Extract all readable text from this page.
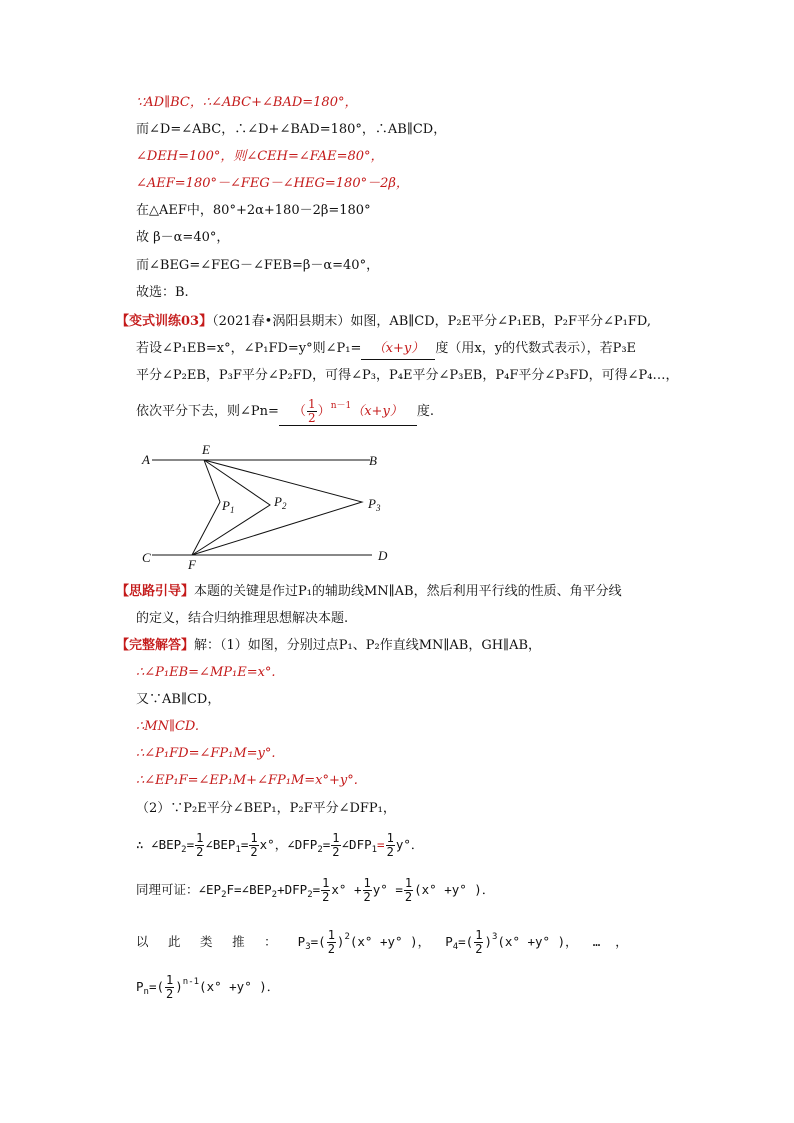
∵AD∥BC，∴∠ABC+∠BAD=180°，
而∠D=∠ABC，∴∠D+∠BAD=180°，∴AB∥CD，
∠DEH=100°，则∠CEH=∠FAE=80°，
∠AEF=180°－∠FEG－∠HEG=180°－2β，
在△AEF中，80°+2α+180－2β=180°
故 β－α=40°，
而∠BEG=∠FEG－∠FEB=β－α=40°，
故选：B.
【变式训练03】（2021春•涡阳县期末）如图，AB∥CD，P₂E平分∠P₁EB，P₂F平分∠P₁FD,
若设∠P₁EB=x°，∠P₁FD=y°则∠P₁= （x+y） 度（用x，y的代数式表示），若P₃E
平分∠P₂EB，P₃F平分∠P₂FD，可得∠P₃，P₄E平分∠P₃EB，P₄F平分∠P₃FD，可得∠P₄…，
依次平分下去，则∠Pn= （ $\frac{1}{2} )^{n-1}(x+y)$ 度.
A
E
B
$P_1$
$P_2$	$P_3$
C	F
D
【思路引导】本题的关键是作过P₁的辅助线MN∥AB，然后利用平行线的性质、角平分线
的定义，结合归纳推理思想解决本题.
【完整解答】解：（1）如图，分别过点P₁、P₂作直线MN∥AB，GH∥AB，
∴∠P₁EB=∠MP₁E=x°.
又∵AB∥CD，
∴MN∥CD.
∴∠P₁FD=∠FP₁M=y°.
∴∠EP₁F=∠EP₁M+∠FP₁M=x°+y°.
（2）∵P₂E平分∠BEP₁，P₂F平分∠DFP₁，
∴ $\angle BEP_2= \frac{1}{2}$ $\angle BEP_1= \frac{1}{2} x^\circ$，$\angle DFP_2= \frac{1}{2}$ $\angle DFP_1= \frac{1}{2} y^\circ$．
同理可证：$\angle EP_2F=\angle BEP_2+DFP_2= \frac{1}{2} x^\circ + \frac{1}{2} y^\circ = \frac{1}{2} (x^\circ +y^\circ$ )．
以 此 类 推 ： $P_3=( \frac{1}{2} )^2(x^\circ +y^\circ$ )， $P_4=( \frac{1}{2} )^3(x^\circ +y^\circ$ )， … ，
$P_n=( \frac{1}{2} )^{n-1}(x^\circ +y^\circ$ )．
